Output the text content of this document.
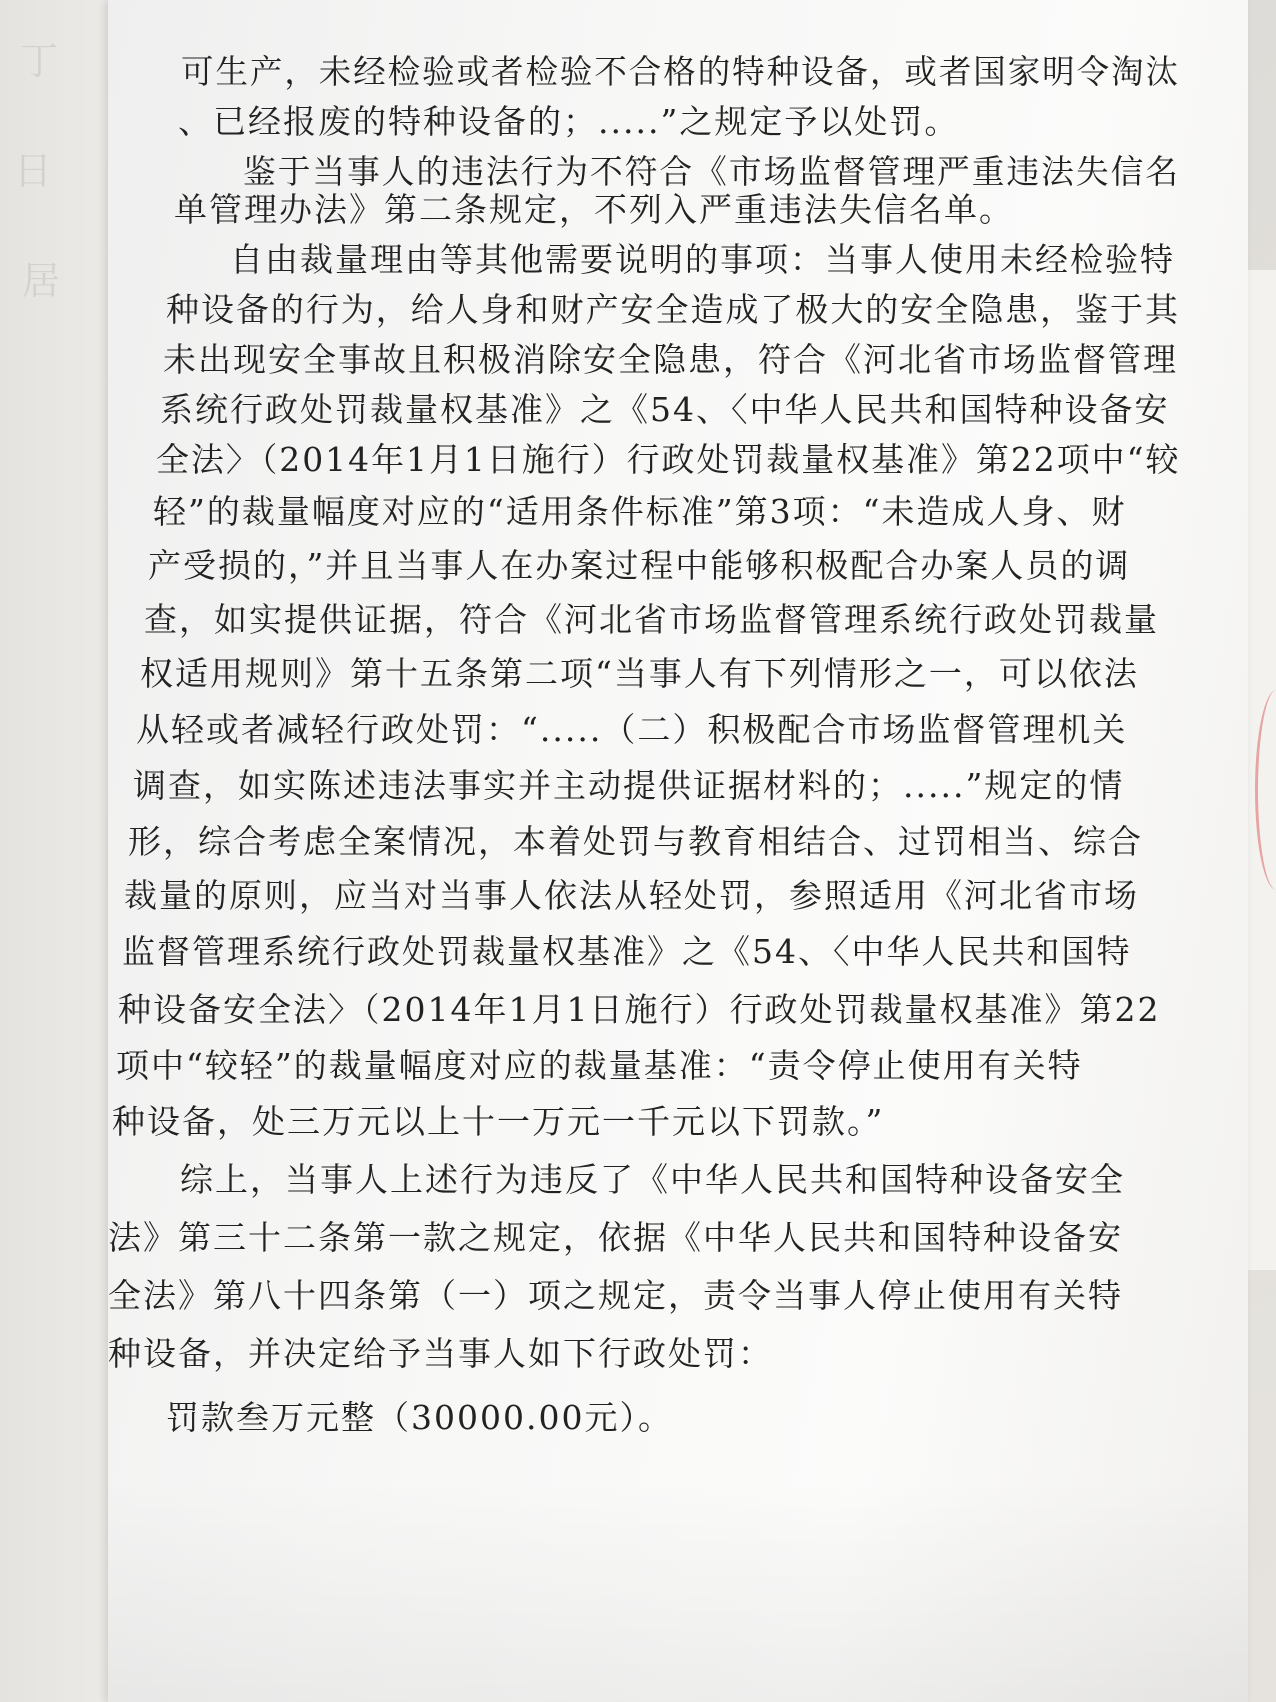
丁
日
居
可生产，未经检验或者检验不合格的特种设备，或者国家明令淘汰
、已经报废的特种设备的；.....”之规定予以处罚。
鉴于当事人的违法行为不符合《市场监督管理严重违法失信名
单管理办法》第二条规定，不列入严重违法失信名单。
自由裁量理由等其他需要说明的事项：当事人使用未经检验特
种设备的行为，给人身和财产安全造成了极大的安全隐患，鉴于其
未出现安全事故且积极消除安全隐患，符合《河北省市场监督管理
系统行政处罚裁量权基准》之《54、〈中华人民共和国特种设备安
全法〉（2014年1月1日施行）行政处罚裁量权基准》第22项中“较
轻”的裁量幅度对应的“适用条件标准”第3项：“未造成人身、财
产受损的，”并且当事人在办案过程中能够积极配合办案人员的调
查，如实提供证据，符合《河北省市场监督管理系统行政处罚裁量
权适用规则》第十五条第二项“当事人有下列情形之一，可以依法
从轻或者减轻行政处罚：“.....（二）积极配合市场监督管理机关
调查，如实陈述违法事实并主动提供证据材料的；.....”规定的情
形，综合考虑全案情况，本着处罚与教育相结合、过罚相当、综合
裁量的原则，应当对当事人依法从轻处罚，参照适用《河北省市场
监督管理系统行政处罚裁量权基准》之《54、〈中华人民共和国特
种设备安全法〉（2014年1月1日施行）行政处罚裁量权基准》第22
项中“较轻”的裁量幅度对应的裁量基准：“责令停止使用有关特
种设备，处三万元以上十一万元一千元以下罚款。”
综上，当事人上述行为违反了《中华人民共和国特种设备安全
法》第三十二条第一款之规定，依据《中华人民共和国特种设备安
全法》第八十四条第（一）项之规定，责令当事人停止使用有关特
种设备，并决定给予当事人如下行政处罚：
罚款叁万元整（30000.00元）。
